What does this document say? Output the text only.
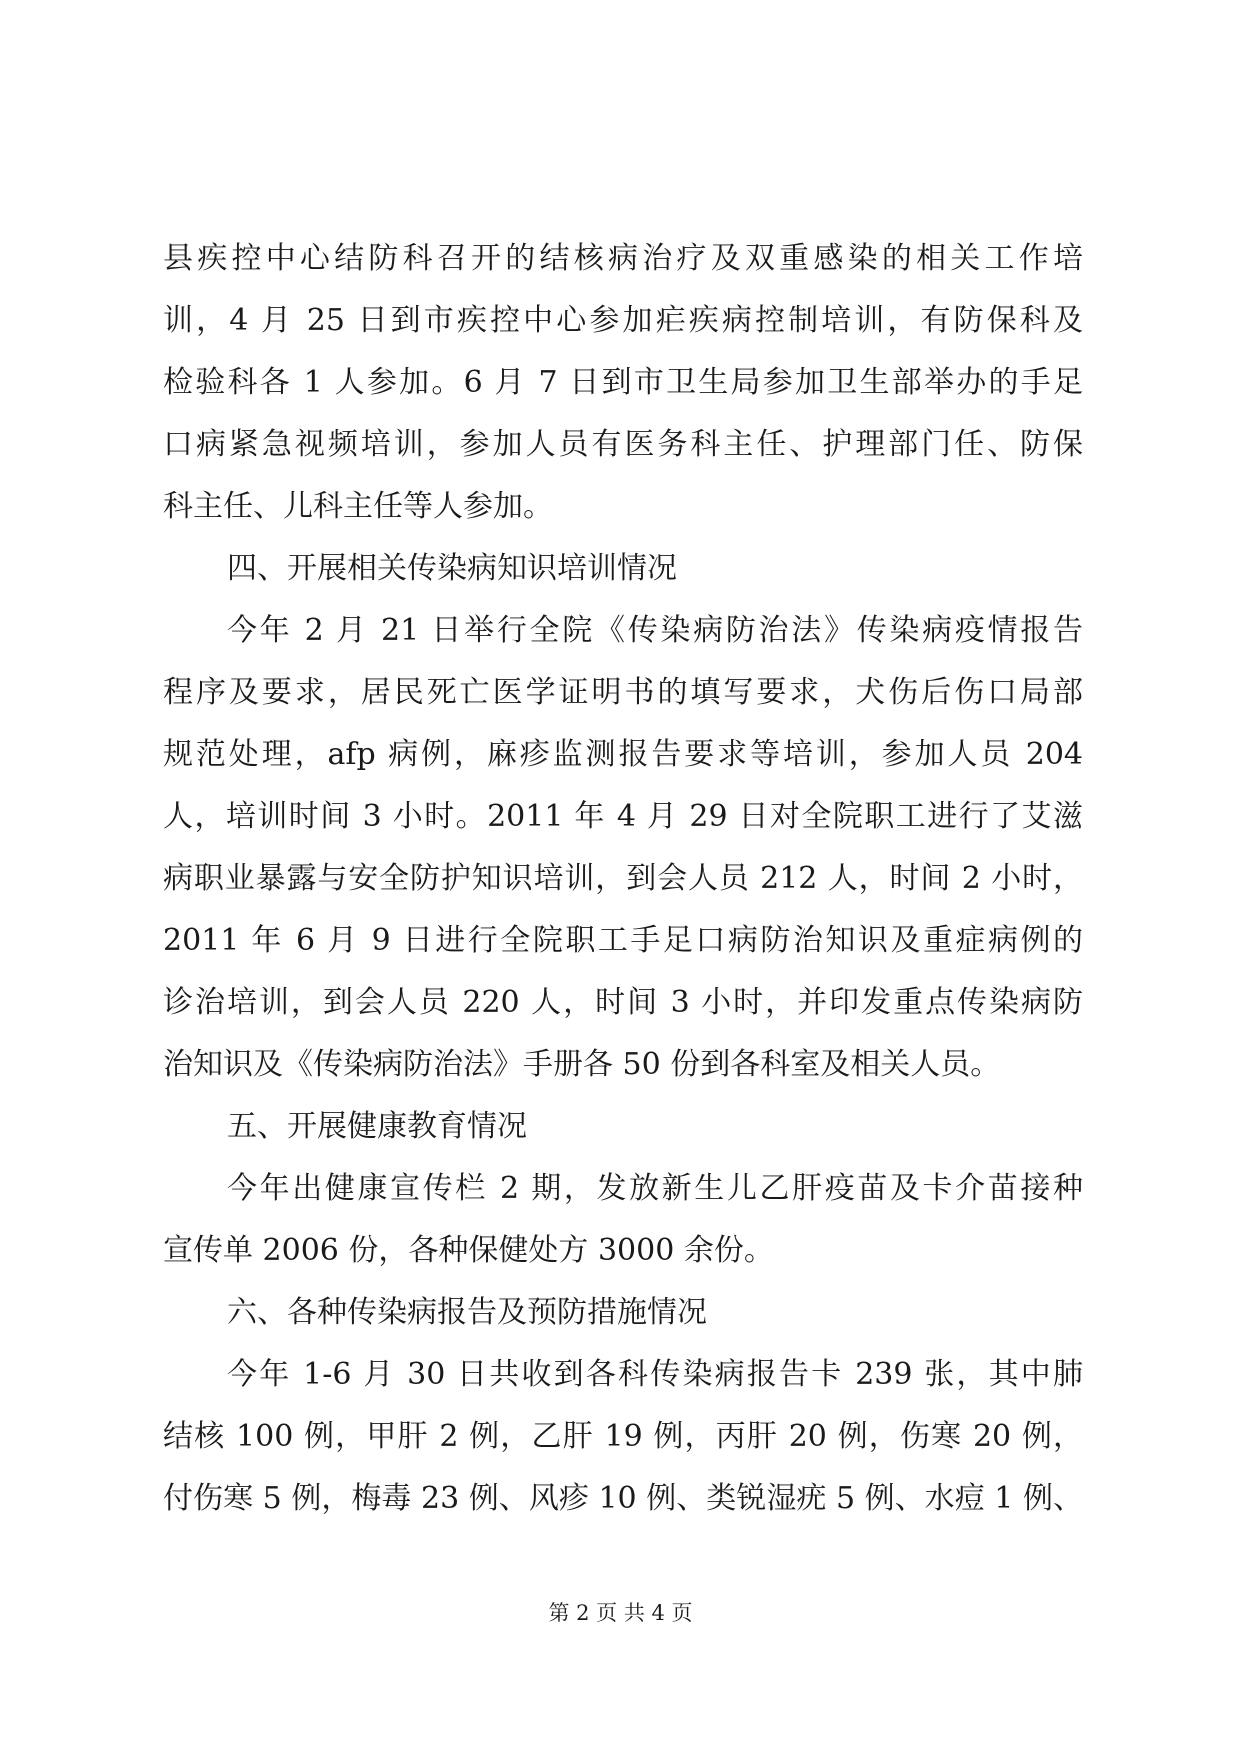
县疾控中心结防科召开的结核病治疗及双重感染的相关工作培
训，4 月 25 日到市疾控中心参加疟疾病控制培训，有防保科及
检验科各 1 人参加。6 月 7 日到市卫生局参加卫生部举办的手足
口病紧急视频培训，参加人员有医务科主任、护理部门任、防保
科主任、儿科主任等人参加。
四、开展相关传染病知识培训情况
今年 2 月 21 日举行全院《传染病防治法》传染病疫情报告
程序及要求，居民死亡医学证明书的填写要求，犬伤后伤口局部
规范处理，afp 病例，麻疹监测报告要求等培训，参加人员 204
人，培训时间 3 小时。2011 年 4 月 29 日对全院职工进行了艾滋
病职业暴露与安全防护知识培训，到会人员 212 人，时间 2 小时，
2011 年 6 月 9 日进行全院职工手足口病防治知识及重症病例的
诊治培训，到会人员 220 人，时间 3 小时，并印发重点传染病防
治知识及《传染病防治法》手册各 50 份到各科室及相关人员。
五、开展健康教育情况
今年出健康宣传栏 2 期，发放新生儿乙肝疫苗及卡介苗接种
宣传单 2006 份，各种保健处方 3000 余份。
六、各种传染病报告及预防措施情况
今年 1-6 月 30 日共收到各科传染病报告卡 239 张，其中肺
结核 100 例，甲肝 2 例，乙肝 19 例，丙肝 20 例，伤寒 20 例，
付伤寒 5 例，梅毒 23 例、风疹 10 例、类锐湿疣 5 例、水痘 1 例、
第 2 页 共 4 页
